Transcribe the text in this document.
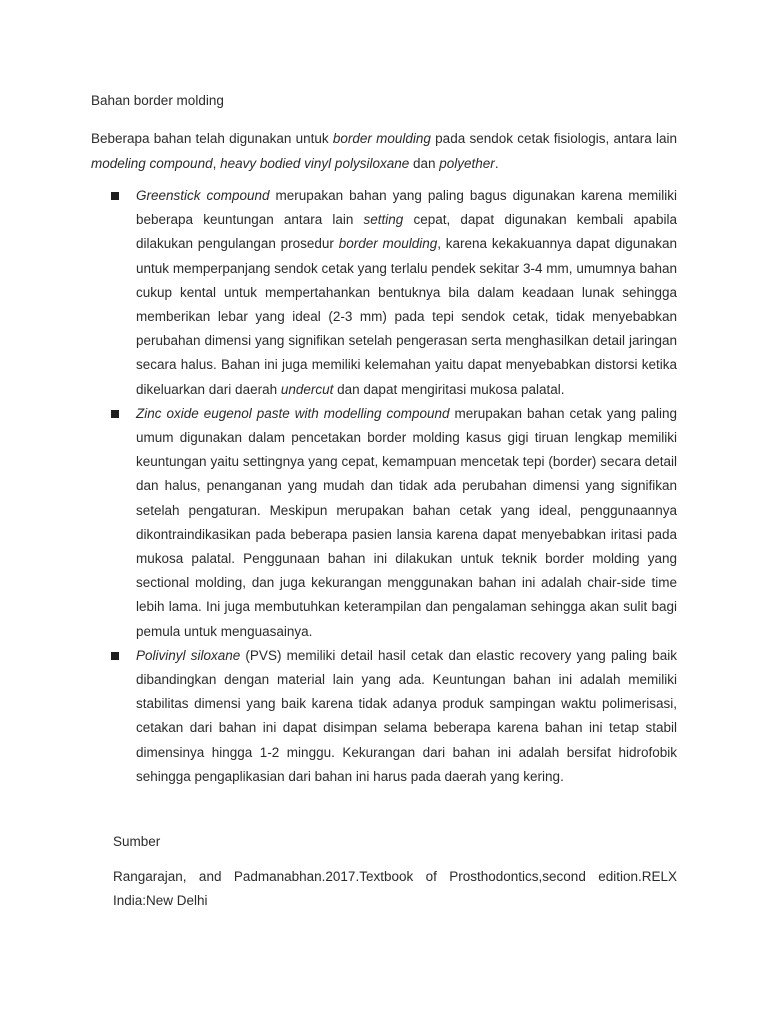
Bahan border molding

Beberapa bahan telah digunakan untuk border moulding pada sendok cetak fisiologis, antara lain modeling compound, heavy bodied vinyl polysiloxane dan polyether.

Greenstick compound merupakan bahan yang paling bagus digunakan karena memiliki beberapa keuntungan antara lain setting cepat, dapat digunakan kembali apabila dilakukan pengulangan prosedur border moulding, karena kekakuannya dapat digunakan untuk memperpanjang sendok cetak yang terlalu pendek sekitar 3-4 mm, umumnya bahan cukup kental untuk mempertahankan bentuknya bila dalam keadaan lunak sehingga memberikan lebar yang ideal (2-3 mm) pada tepi sendok cetak, tidak menyebabkan perubahan dimensi yang signifikan setelah pengerasan serta menghasilkan detail jaringan secara halus. Bahan ini juga memiliki kelemahan yaitu dapat menyebabkan distorsi ketika dikeluarkan dari daerah undercut dan dapat mengiritasi mukosa palatal.

Zinc oxide eugenol paste with modelling compound merupakan bahan cetak yang paling umum digunakan dalam pencetakan border molding kasus gigi tiruan lengkap memiliki keuntungan yaitu settingnya yang cepat, kemampuan mencetak tepi (border) secara detail dan halus, penanganan yang mudah dan tidak ada perubahan dimensi yang signifikan setelah pengaturan. Meskipun merupakan bahan cetak yang ideal, penggunaannya dikontraindikasikan pada beberapa pasien lansia karena dapat menyebabkan iritasi pada mukosa palatal. Penggunaan bahan ini dilakukan untuk teknik border molding yang sectional molding, dan juga kekurangan menggunakan bahan ini adalah chair-side time lebih lama. Ini juga membutuhkan keterampilan dan pengalaman sehingga akan sulit bagi pemula untuk menguasainya.

Polivinyl siloxane (PVS) memiliki detail hasil cetak dan elastic recovery yang paling baik dibandingkan dengan material lain yang ada. Keuntungan bahan ini adalah memiliki stabilitas dimensi yang baik karena tidak adanya produk sampingan waktu polimerisasi, cetakan dari bahan ini dapat disimpan selama beberapa karena bahan ini tetap stabil dimensinya hingga 1-2 minggu. Kekurangan dari bahan ini adalah bersifat hidrofobik sehingga pengaplikasian dari bahan ini harus pada daerah yang kering.

Sumber

Rangarajan, and Padmanabhan.2017.Textbook of Prosthodontics,second edition.RELX India:New Delhi
